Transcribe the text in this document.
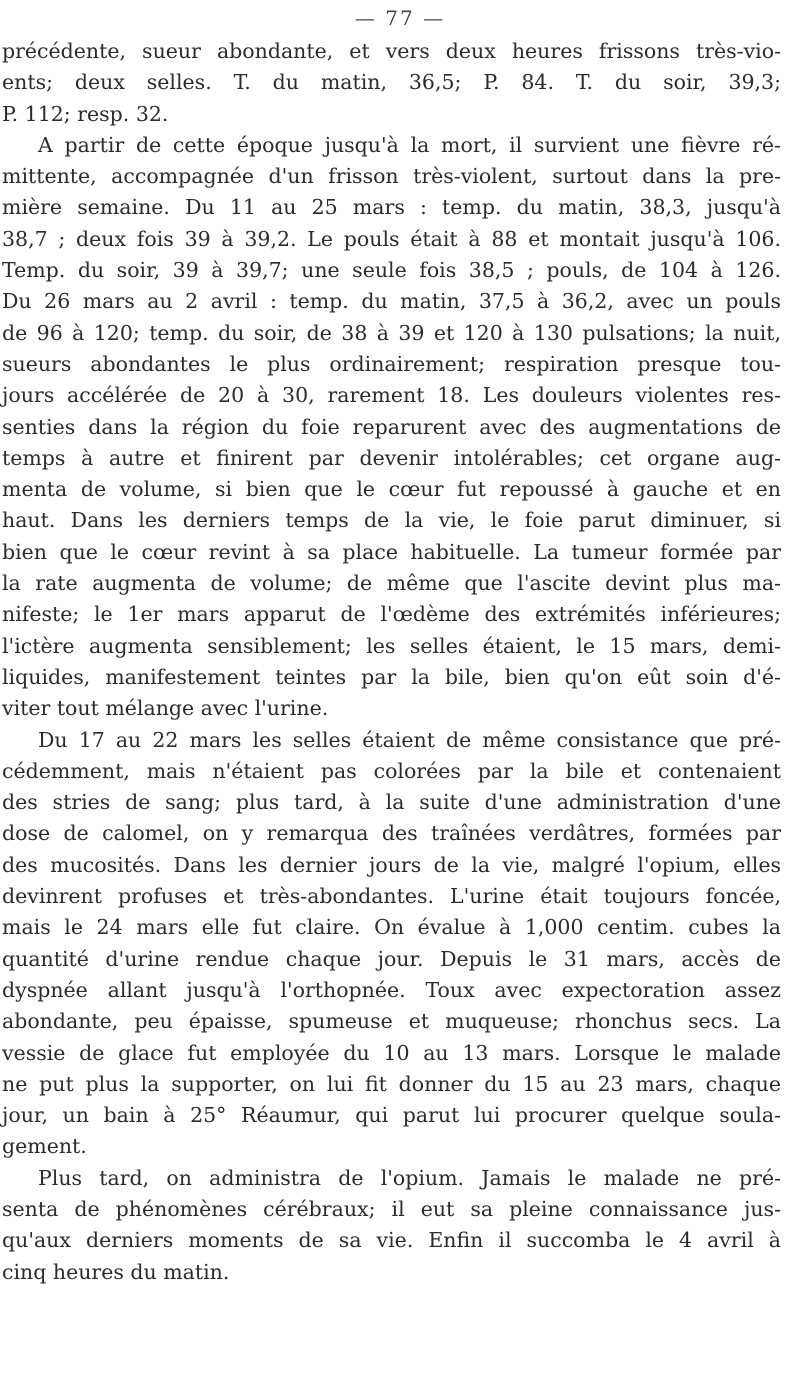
— 77 —
précédente, sueur abondante, et vers deux heures frissons très-vio-
ents; deux selles. T. du matin, 36,5; P. 84. T. du soir, 39,3;
P. 112; resp. 32.
A partir de cette époque jusqu'à la mort, il survient une fièvre ré-
mittente, accompagnée d'un frisson très-violent, surtout dans la pre-
mière semaine. Du 11 au 25 mars : temp. du matin, 38,3, jusqu'à
38,7 ; deux fois 39 à 39,2. Le pouls était à 88 et montait jusqu'à 106.
Temp. du soir, 39 à 39,7; une seule fois 38,5 ; pouls, de 104 à 126.
Du 26 mars au 2 avril : temp. du matin, 37,5 à 36,2, avec un pouls
de 96 à 120; temp. du soir, de 38 à 39 et 120 à 130 pulsations; la nuit,
sueurs abondantes le plus ordinairement; respiration presque tou-
jours accélérée de 20 à 30, rarement 18. Les douleurs violentes res-
senties dans la région du foie reparurent avec des augmentations de
temps à autre et finirent par devenir intolérables; cet organe aug-
menta de volume, si bien que le cœur fut repoussé à gauche et en
haut. Dans les derniers temps de la vie, le foie parut diminuer, si
bien que le cœur revint à sa place habituelle. La tumeur formée par
la rate augmenta de volume; de même que l'ascite devint plus ma-
nifeste; le 1er mars apparut de l'œdème des extrémités inférieures;
l'ictère augmenta sensiblement; les selles étaient, le 15 mars, demi-
liquides, manifestement teintes par la bile, bien qu'on eût soin d'é-
viter tout mélange avec l'urine.
Du 17 au 22 mars les selles étaient de même consistance que pré-
cédemment, mais n'étaient pas colorées par la bile et contenaient
des stries de sang; plus tard, à la suite d'une administration d'une
dose de calomel, on y remarqua des traînées verdâtres, formées par
des mucosités. Dans les dernier jours de la vie, malgré l'opium, elles
devinrent profuses et très-abondantes. L'urine était toujours foncée,
mais le 24 mars elle fut claire. On évalue à 1,000 centim. cubes la
quantité d'urine rendue chaque jour. Depuis le 31 mars, accès de
dyspnée allant jusqu'à l'orthopnée. Toux avec expectoration assez
abondante, peu épaisse, spumeuse et muqueuse; rhonchus secs. La
vessie de glace fut employée du 10 au 13 mars. Lorsque le malade
ne put plus la supporter, on lui fit donner du 15 au 23 mars, chaque
jour, un bain à 25° Réaumur, qui parut lui procurer quelque soula-
gement.
Plus tard, on administra de l'opium. Jamais le malade ne pré-
senta de phénomènes cérébraux; il eut sa pleine connaissance jus-
qu'aux derniers moments de sa vie. Enfin il succomba le 4 avril à
cinq heures du matin.
